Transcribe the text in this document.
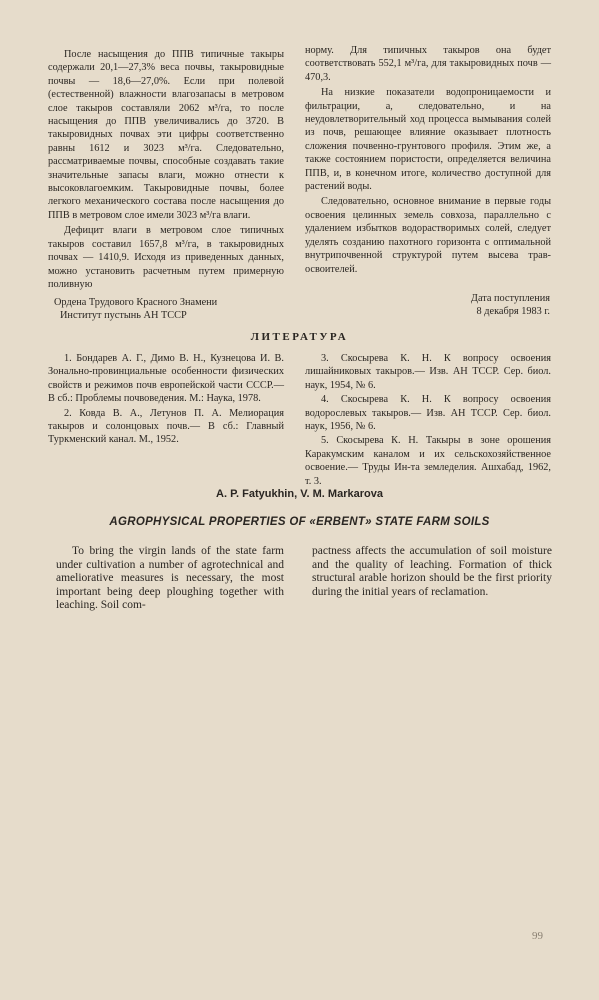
После насыщения до ППВ типичные такыры содержали 20,1—27,3% веса почвы, такыровидные почвы — 18,6—27,0%. Если при полевой (естественной) влажности влагозапасы в метровом слое такыров составляли 2062 м³/га, то после насыщения до ППВ увеличивались до 3720. В такыровидных почвах эти цифры соответственно равны 1612 и 3023 м³/га. Следовательно, рассматриваемые почвы, способные создавать такие значительные запасы влаги, можно отнести к высоковлагоемким. Такыровидные почвы, более легкого механического состава после насыщения до ППВ в метровом слое имели 3023 м³/га влаги.

Дефицит влаги в метровом слое типичных такыров составил 1657,8 м³/га, в такыровидных почвах — 1410,9. Исходя из приведенных данных, можно установить расчетным путем примерную поливную

норму. Для типичных такыров она будет соответствовать 552,1 м³/га, для такыровидных почв — 470,3.

На низкие показатели водопроницаемости и фильтрации, а, следовательно, и на неудовлетворительный ход процесса вымывания солей из почв, решающее влияние оказывает плотность сложения почвенно-грунтового профиля. Этим же, а также состоянием пористости, определяется величина ППВ, и, в конечном итоге, количество доступной для растений воды.

Следовательно, основное внимание в первые годы освоения целинных земель совхоза, параллельно с удалением избытков водорастворимых солей, следует уделять созданию пахотного горизонта с оптимальной внутрипочвенной структурой путем высева трав-освоителей.

Ордена Трудового Красного Знамени
Институт пустынь АН ТССР
Дата поступления
8 декабря 1983 г.
ЛИТЕРАТУРА

1. Бондарев А. Г., Димо В. Н., Кузнецова И. В. Зонально-провинциальные особенности физических свойств и режимов почв европейской части СССР.— В сб.: Проблемы почвоведения. М.: Наука, 1978.

2. Ковда В. А., Летунов П. А. Мелиорация такыров и солонцовых почв.— В сб.: Главный Туркменский канал. М., 1952.

3. Скосырева К. Н. К вопросу освоения лишайниковых такыров.— Изв. АН ТССР. Сер. биол. наук, 1954, № 6.

4. Скосырева К. Н. К вопросу освоения водорослевых такыров.— Изв. АН ТССР. Сер. биол. наук, 1956, № 6.

5. Скосырева К. Н. Такыры в зоне орошения Каракумским каналом и их сельскохозяйственное освоение.— Труды Ин-та земледелия. Ашхабад, 1962, т. 3.

A. P. Fatyukhin, V. M. Markarova
AGROPHYSICAL PROPERTIES OF «ERBENT» STATE FARM SOILS

To bring the virgin lands of the state farm under cultivation a number of agrotechnical and ameliorative measures is necessary, the most important being deep ploughing together with leaching. Soil com-

pactness affects the accumulation of soil moisture and the quality of leaching. Formation of thick structural arable horizon should be the first priority during the initial years of reclamation.

99
